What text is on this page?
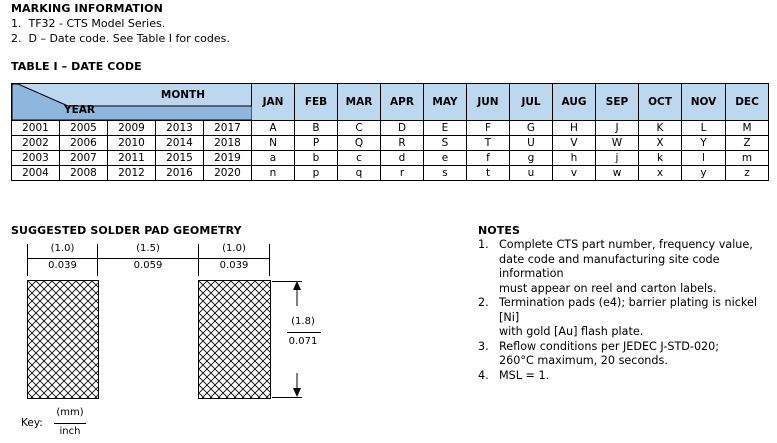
MARKING INFORMATION
1. TF32 - CTS Model Series.
2. D – Date code. See Table I for codes.
TABLE I – DATE CODE
MONTH
YEAR					JAN	FEB	MAR	APR	MAY	JUN	JUL	AUG	SEP	OCT	NOV	DEC
2001	2005	2009	2013	2017	A	B	C	D	E	F	G	H	J	K	L	M
2002	2006	2010	2014	2018	N	P	Q	R	S	T	U	V	W	X	Y	Z
2003	2007	2011	2015	2019	a	b	c	d	e	f	g	h	j	k	l	m
2004	2008	2012	2016	2020	n	p	q	r	s	t	u	v	w	x	y	z
SUGGESTED SOLDER PAD GEOMETRY
(1.0)
0.039
(1.5)
0.059
(1.0)
0.039
(1.8)
0.071
Key:
(mm)
inch
NOTES
1. Complete CTS part number, frequency value,
date code and manufacturing site code information
must appear on reel and carton labels.
2. Termination pads (e4); barrier plating is nickel [Ni]
with gold [Au] flash plate.
3. Reflow conditions per JEDEC J-STD-020;
260°C maximum, 20 seconds.
4. MSL = 1.
